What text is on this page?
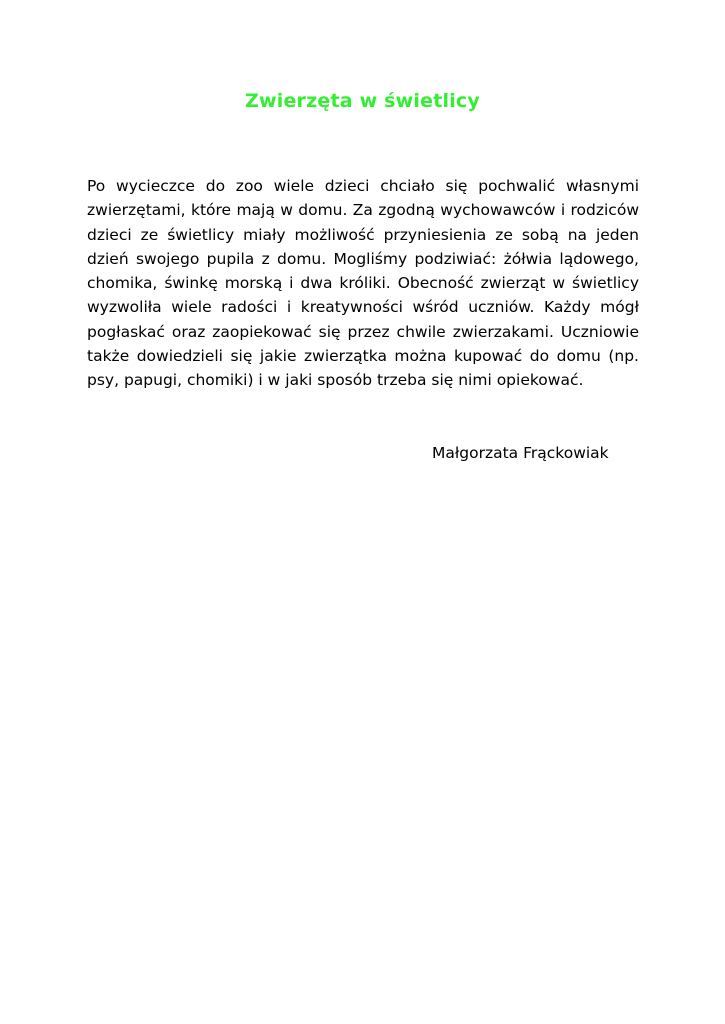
Zwierzęta w świetlicy
Po wycieczce do zoo wiele dzieci chciało się pochwalić własnymi
zwierzętami, które mają w domu. Za zgodną wychowawców i rodziców
dzieci ze świetlicy miały możliwość przyniesienia ze sobą na jeden
dzień swojego pupila z domu. Mogliśmy podziwiać: żółwia lądowego,
chomika, świnkę morską i dwa króliki. Obecność zwierząt w świetlicy
wyzwoliła wiele radości i kreatywności wśród uczniów. Każdy mógł
pogłaskać oraz zaopiekować się przez chwile zwierzakami. Uczniowie
także dowiedzieli się jakie zwierzątka można kupować do domu (np.
psy, papugi, chomiki) i w jaki sposób trzeba się nimi opiekować.
Małgorzata Frąckowiak
